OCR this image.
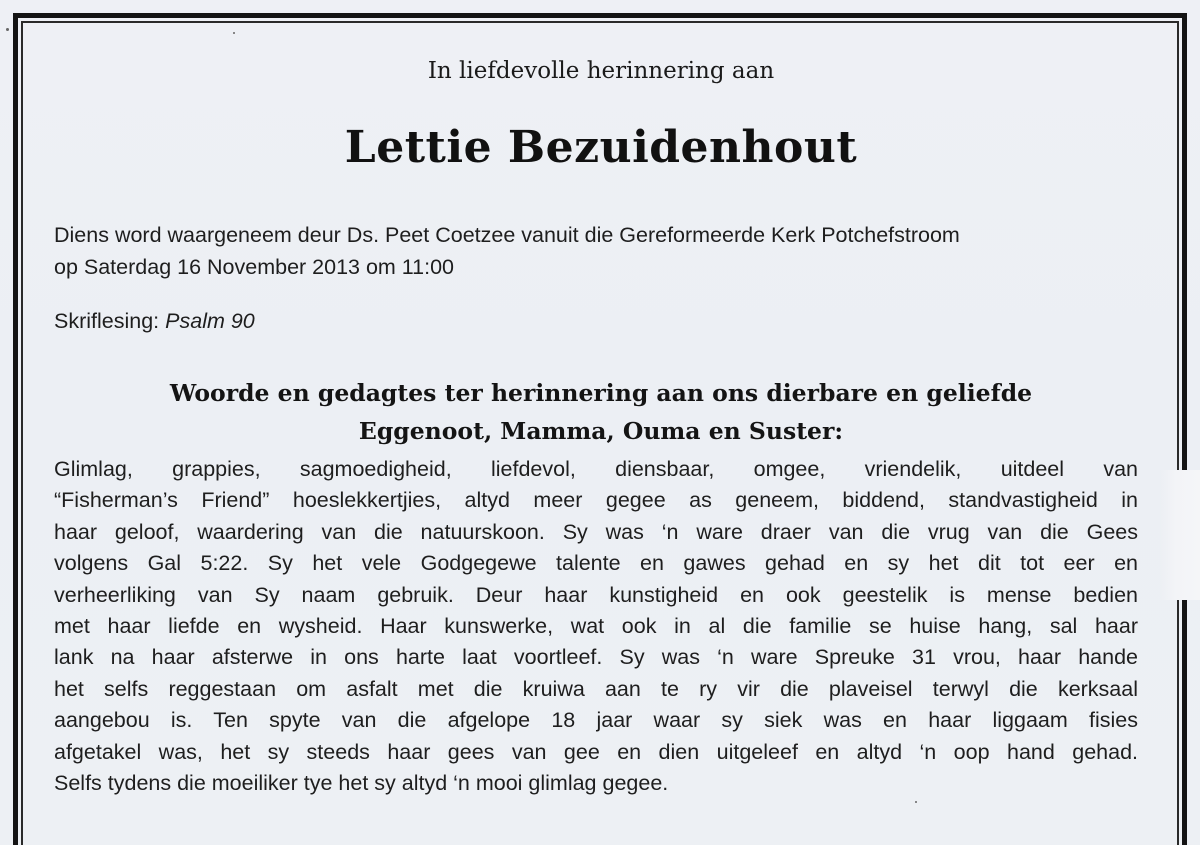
In liefdevolle herinnering aan
Lettie Bezuidenhout
Diens word waargeneem deur Ds. Peet Coetzee vanuit die Gereformeerde Kerk Potchefstroom
op Saterdag 16 November 2013 om 11:00
Skriflesing: Psalm 90
Woorde en gedagtes ter herinnering aan ons dierbare en geliefde
Eggenoot, Mamma, Ouma en Suster:
Glimlag, grappies, sagmoedigheid, liefdevol, diensbaar, omgee, vriendelik, uitdeel van
“Fisherman’s Friend” hoeslekkertjies, altyd meer gegee as geneem, biddend, standvastigheid in
haar geloof, waardering van die natuurskoon. Sy was ‘n ware draer van die vrug van die Gees
volgens Gal 5:22. Sy het vele Godgegewe talente en gawes gehad en sy het dit tot eer en
verheerliking van Sy naam gebruik. Deur haar kunstigheid en ook geestelik is mense bedien
met haar liefde en wysheid. Haar kunswerke, wat ook in al die familie se huise hang, sal haar
lank na haar afsterwe in ons harte laat voortleef. Sy was ‘n ware Spreuke 31 vrou, haar hande
het selfs reggestaan om asfalt met die kruiwa aan te ry vir die plaveisel terwyl die kerksaal
aangebou is. Ten spyte van die afgelope 18 jaar waar sy siek was en haar liggaam fisies
afgetakel was, het sy steeds haar gees van gee en dien uitgeleef en altyd ‘n oop hand gehad.
Selfs tydens die moeiliker tye het sy altyd ‘n mooi glimlag gegee.
